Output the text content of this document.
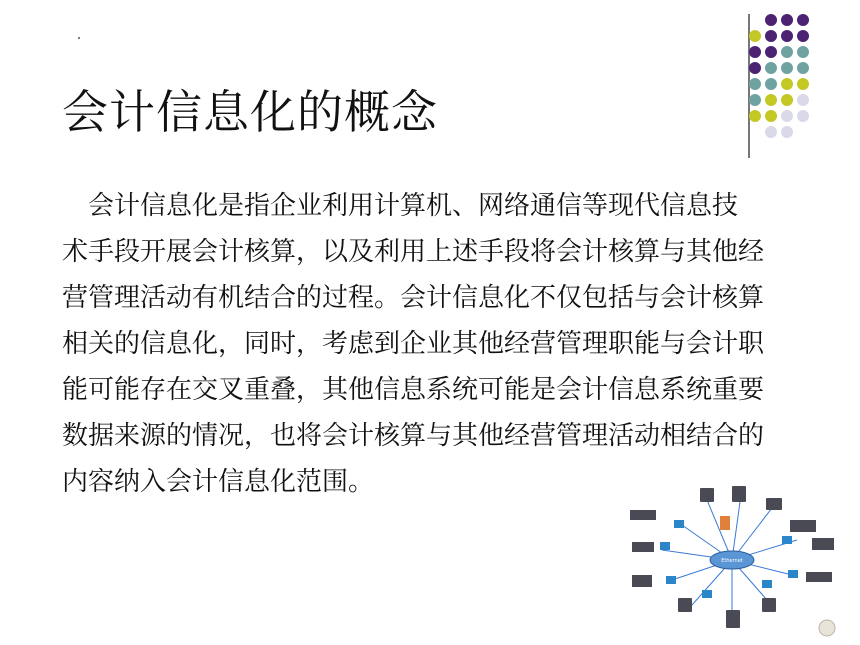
会计信息化的概念
会计信息化是指企业利用计算机、网络通信等现代信息技
术手段开展会计核算，以及利用上述手段将会计核算与其他经
营管理活动有机结合的过程。会计信息化不仅包括与会计核算
相关的信息化，同时，考虑到企业其他经营管理职能与会计职
能可能存在交叉重叠，其他信息系统可能是会计信息系统重要
数据来源的情况，也将会计核算与其他经营管理活动相结合的
内容纳入会计信息化范围。
Ethernet
